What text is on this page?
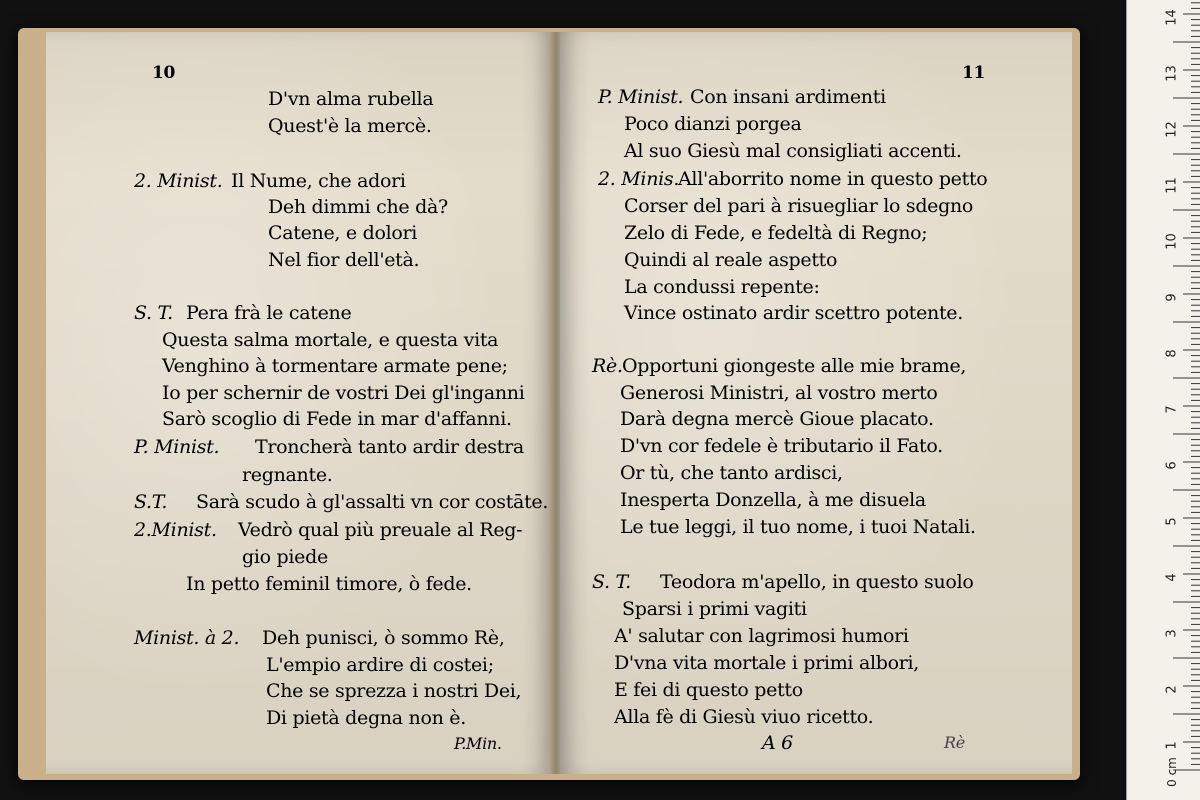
10
D'vn alma rubella
Quest'è la mercè.
2. Minist. Il Nume, che adori
Deh dimmi che dà?
Catene, e dolori
Nel fior dell'età.
S. T. Pera frà le catene
Questa salma mortale, e questa vita
Venghino à tormentare armate pene;
Io per schernir de vostri Dei gl'inganni
Sarò scoglio di Fede in mar d'affanni.
P. Minist. Troncherà tanto ardir destra
regnante.
S.T. Sarà scudo à gl'assalti vn cor costāte.
2.Minist. Vedrò qual più preuale al Reg-
gio piede
In petto feminil timore, ò fede.
Minist. à 2. Deh punisci, ò sommo Rè,
L'empio ardire di costei;
Che se sprezza i nostri Dei,
Di pietà degna non è.
P.Min.
11
P. Minist. Con insani ardimenti
Poco dianzi porgea
Al suo Giesù mal consigliati accenti.
2. Minis.
All'aborrito nome in questo petto
Corser del pari à risuegliar lo sdegno
Zelo di Fede, e fedeltà di Regno;
Quindi al reale aspetto
La condussi repente:
Vince ostinato ardir scettro potente.
Rè. Opportuni giongeste alle mie brame,
Generosi Ministri, al vostro merto
Darà degna mercè Gioue placato.
D'vn cor fedele è tributario il Fato.
Or tù, che tanto ardisci,
Inesperta Donzella, à me disuela
Le tue leggi, il tuo nome, i tuoi Natali.
S. T. Teodora m'apello, in questo suolo
Sparsi i primi vagiti
A' salutar con lagrimosi humori
D'vna vita mortale i primi albori,
E fei di questo petto
Alla fè di Giesù viuo ricetto.
A 6	Rè	1
2
3
4
5
6
7
8
9
10
11
12
13
14
0 cm
